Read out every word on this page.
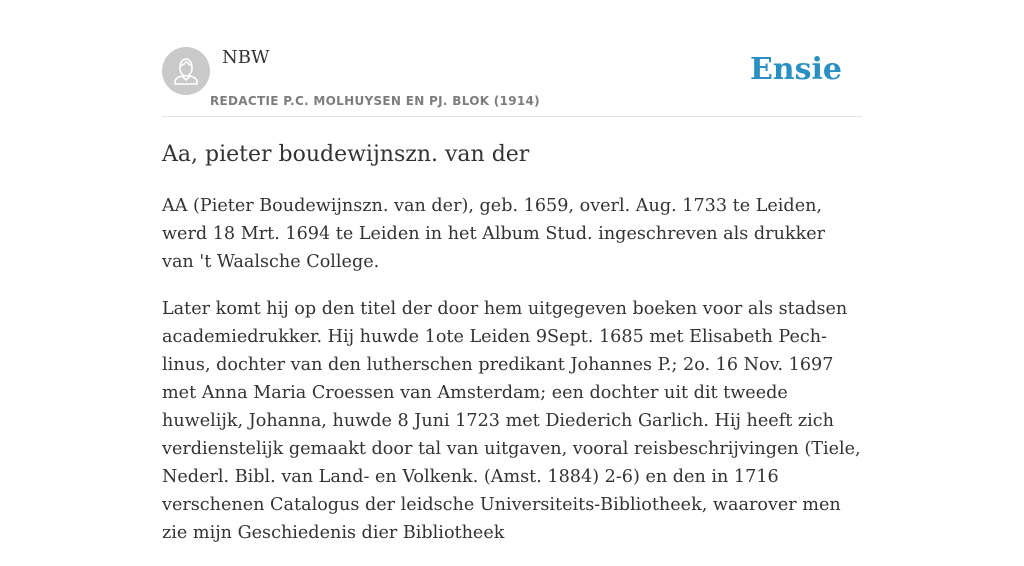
NBW
REDACTIE P.C. MOLHUYSEN EN PJ. BLOK (1914)
Ensie
Aa, pieter boudewijnszn. van der

AA (Pieter Boudewijnszn. van der), geb. 1659, overl. Aug. 1733 te Leiden, werd 18 Mrt. 1694 te Leiden in het Album Stud. ingeschreven als drukker van 't Waalsche College.

Later komt hij op den titel der door hem uitgegeven boeken voor als stadsen academiedrukker. Hij huwde 1ote Leiden 9Sept. 1685 met Elisabeth Pech- linus, dochter van den lutherschen predikant Johannes P.; 2o. 16 Nov. 1697 met Anna Maria Croessen van Amsterdam; een dochter uit dit tweede huwelijk, Johanna, huwde 8 Juni 1723 met Diederich Garlich. Hij heeft zich verdienstelijk gemaakt door tal van uitgaven, vooral reisbeschrijvingen (Tiele, Nederl. Bibl. van Land- en Volkenk. (Amst. 1884) 2-6) en den in 1716 verschenen Catalogus der leidsche Universiteits-Bibliotheek, waarover men zie mijn Geschiedenis dier Bibliotheek
